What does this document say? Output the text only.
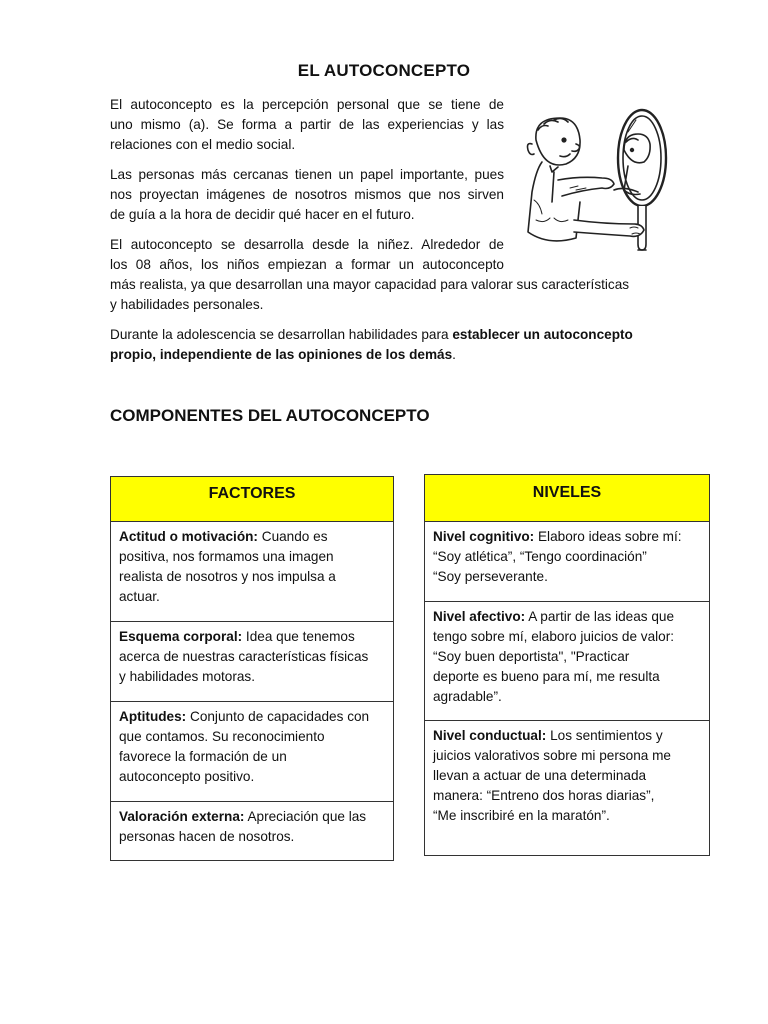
EL AUTOCONCEPTO
El autoconcepto es la percepción personal que se tiene de
uno mismo (a). Se forma a partir de las experiencias y las
relaciones con el medio social.
Las personas más cercanas tienen un papel importante, pues
nos proyectan imágenes de nosotros mismos que nos sirven
de guía a la hora de decidir qué hacer en el futuro.
El autoconcepto se desarrolla desde la niñez. Alrededor de
los 08 años, los niños empiezan a formar un autoconcepto
más realista, ya que desarrollan una mayor capacidad para valorar sus características
y habilidades personales.
Durante la adolescencia se desarrollan habilidades para establecer un autoconcepto
propio, independiente de las opiniones de los demás.
COMPONENTES DEL AUTOCONCEPTO
FACTORES
Actitud o motivación: Cuando es
positiva, nos formamos una imagen
realista de nosotros y nos impulsa a
actuar.
Esquema corporal: Idea que tenemos
acerca de nuestras características físicas
y habilidades motoras.
Aptitudes: Conjunto de capacidades con
que contamos. Su reconocimiento
favorece la formación de un
autoconcepto positivo.
Valoración externa: Apreciación que las
personas hacen de nosotros.
NIVELES
Nivel cognitivo: Elaboro ideas sobre mí:
“Soy atlética”, “Tengo coordinación”
“Soy perseverante.
Nivel afectivo: A partir de las ideas que
tengo sobre mí, elaboro juicios de valor:
“Soy buen deportista", "Practicar
deporte es bueno para mí, me resulta
agradable”.
Nivel conductual: Los sentimientos y
juicios valorativos sobre mi persona me
llevan a actuar de una determinada
manera: “Entreno dos horas diarias”,
“Me inscribiré en la maratón”.
